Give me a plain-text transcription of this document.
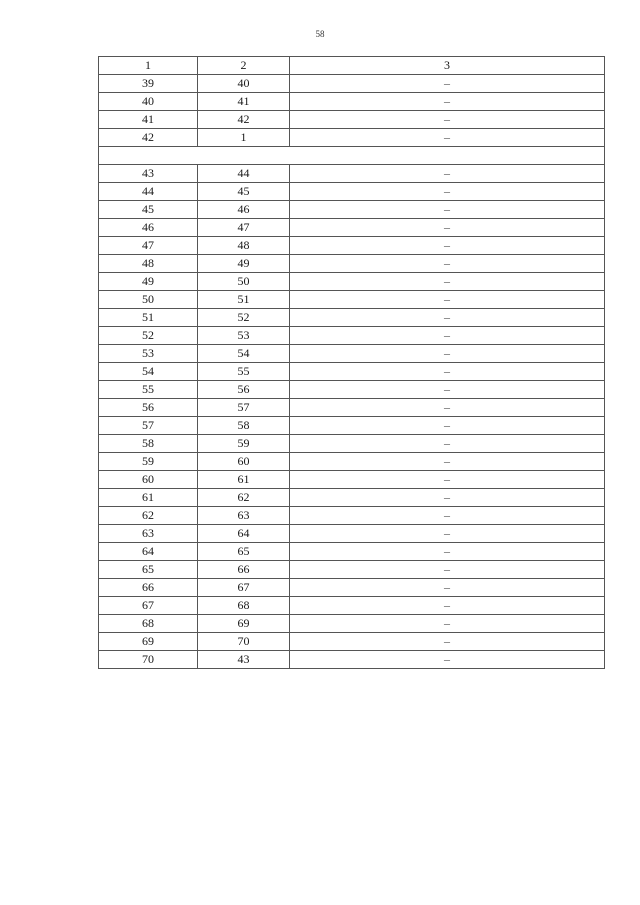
58
1	2	3
39	40	–
40	41	–
41	42	–
42	1	–

43	44	–
44	45	–
45	46	–
46	47	–
47	48	–
48	49	–
49	50	–
50	51	–
51	52	–
52	53	–
53	54	–
54	55	–
55	56	–
56	57	–
57	58	–
58	59	–
59	60	–
60	61	–
61	62	–
62	63	–
63	64	–
64	65	–
65	66	–
66	67	–
67	68	–
68	69	–
69	70	–
70	43	–
